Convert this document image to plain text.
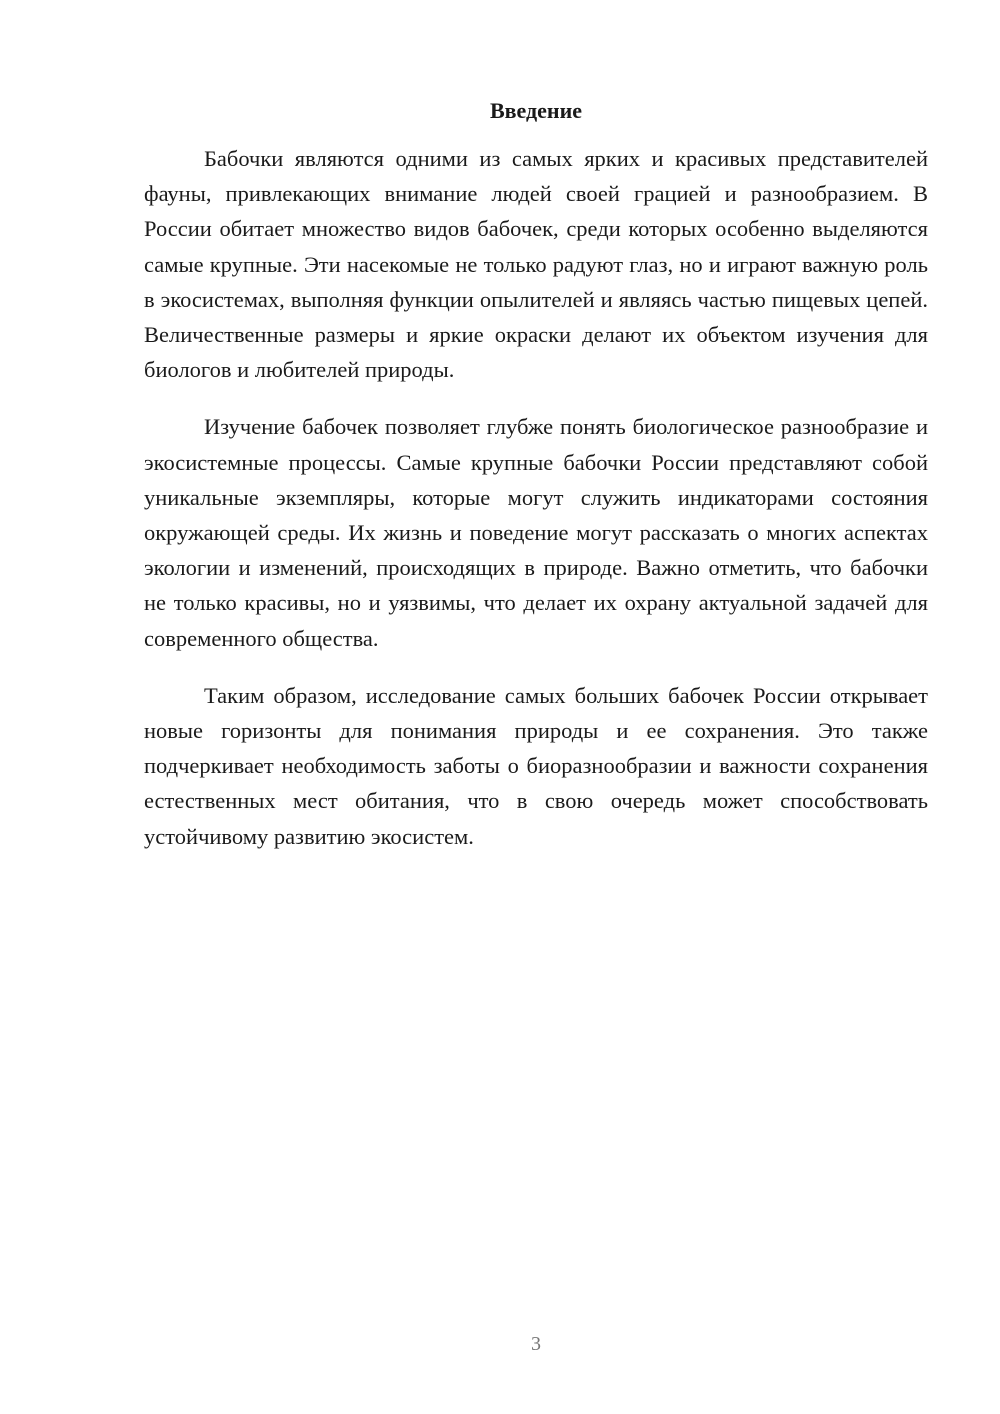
Введение

Бабочки являются одними из самых ярких и красивых представителей фауны, привлекающих внимание людей своей грацией и разнообразием. В России обитает множество видов бабочек, среди которых особенно выделяются самые крупные. Эти насекомые не только радуют глаз, но и играют важную роль в экосистемах, выполняя функции опылителей и являясь частью пищевых цепей. Величественные размеры и яркие окраски делают их объектом изучения для биологов и любителей природы.

Изучение бабочек позволяет глубже понять биологическое разнообразие и экосистемные процессы. Самые крупные бабочки России представляют собой уникальные экземпляры, которые могут служить индикаторами состояния окружающей среды. Их жизнь и поведение могут рассказать о многих аспектах экологии и изменений, происходящих в природе. Важно отметить, что бабочки не только красивы, но и уязвимы, что делает их охрану актуальной задачей для современного общества.

Таким образом, исследование самых больших бабочек России открывает новые горизонты для понимания природы и ее сохранения. Это также подчеркивает необходимость заботы о биоразнообразии и важности сохранения естественных мест обитания, что в свою очередь может способствовать устойчивому развитию экосистем.

3
